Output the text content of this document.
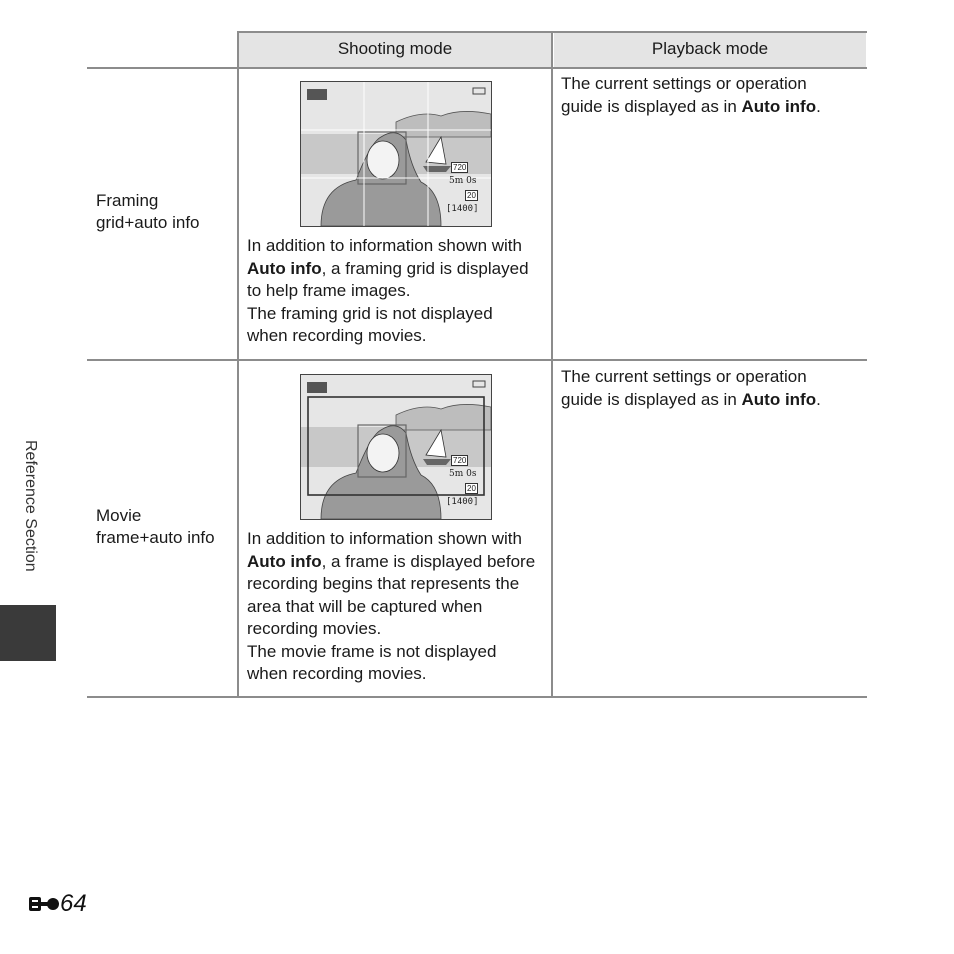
Shooting mode	Playback mode
Framing
grid+auto info
720
5m 0s
20
[1400]
In addition to information shown with
Auto info, a framing grid is displayed
to help frame images.
The framing grid is not displayed
when recording movies.
The current settings or operation
guide is displayed as in Auto info.
Movie
frame+auto info
720
5m 0s
20
[1400]
In addition to information shown with
Auto info, a frame is displayed before
recording begins that represents the
area that will be captured when
recording movies.
The movie frame is not displayed
when recording movies.
The current settings or operation
guide is displayed as in Auto info.
Reference Section
64
